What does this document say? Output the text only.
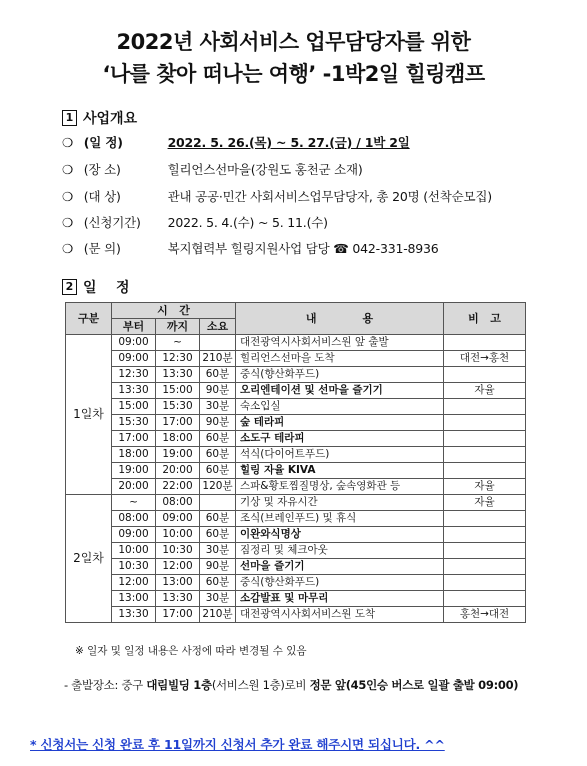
2022년 사회서비스 업무담당자를 위한
‘나를 찾아 떠나는 여행’ -1박2일 힐링캠프
1 사업개요
❍ (일 정)	2022. 5. 26.(목) ~ 5. 27.(금) / 1박 2일
❍ (장 소)	힐리언스선마을(강원도 홍천군 소재)
❍ (대 상)	관내 공공·민간 사회서비스업무담당자, 총 20명 (선착순모집)
❍ (신청기간) 2022. 5. 4.(수) ~ 5. 11.(수)
❍ (문 의)	복지협력부 힐링지원사업 담당 ☎ 042-331-8936
2 일    정
구분	시   간			내            용	비   고
	부터	까지	소요		
1일차	09:00	~		대전광역시사회서비스원 앞 출발	
	09:00	12:30	210분	힐리언스선마을 도착	대전→홍천
	12:30	13:30	60분	중식(향산화푸드)	
	13:30	15:00	90분	오리엔테이션 및 선마을 즐기기	자율
	15:00	15:30	30분	숙소입실	
	15:30	17:00	90분	숲 테라피	
	17:00	18:00	60분	소도구 테라피	
	18:00	19:00	60분	석식(다이어트푸드)	
	19:00	20:00	60분	힐링 자율 KIVA	
	20:00	22:00	120분	스파&황토찜질명상, 숲속영화관 등	자율
2일차	~	08:00		기상 및 자유시간	자율
	08:00	09:00	60분	조식(브레인푸드) 및 휴식	
	09:00	10:00	60분	이완와식명상	
	10:00	10:30	30분	짐정리 및 체크아웃	
	10:30	12:00	90분	선마을 즐기기	
	12:00	13:00	60분	중식(향산화푸드)	
	13:00	13:30	30분	소감발표 및 마무리	
	13:30	17:00	210분	대전광역시사회서비스원 도착	홍천→대전
※ 일자 및 일정 내용은 사정에 따라 변경될 수 있음
- 출발장소: 중구 대림빌딩 1층(서비스원 1층)로비 정문 앞(45인승 버스로 일괄 출발 09:00)
* 신청서는 신청 완료 후 11일까지 신청서 추가 완료 해주시면 되십니다. ^^
